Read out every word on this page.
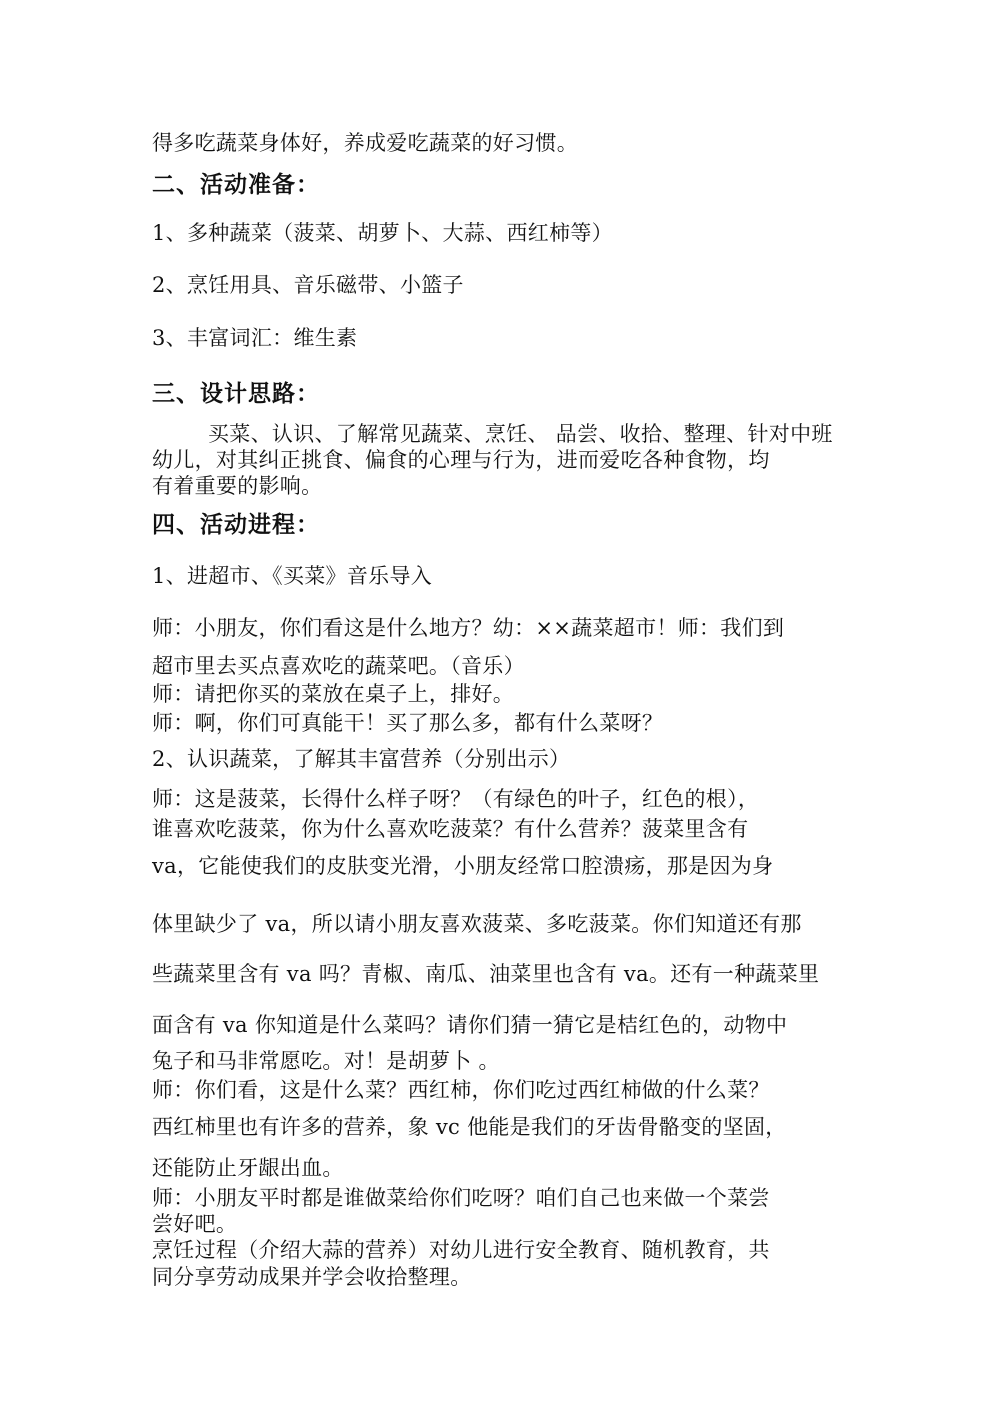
得多吃蔬菜身体好，养成爱吃蔬菜的好习惯。
二、活动准备：
1、多种蔬菜（菠菜、胡萝卜、大蒜、西红柿等）
2、烹饪用具、音乐磁带、小篮子
3、丰富词汇：维生素
三、设计思路：
买菜、认识、了解常见蔬菜、烹饪、 品尝、收拾、整理、针对中班
幼儿，对其纠正挑食、偏食的心理与行为，进而爱吃各种食物，均
有着重要的影响。
四、活动进程：
1、进超市、《买菜》音乐导入
师：小朋友，你们看这是什么地方？幼：××蔬菜超市！师：我们到
超市里去买点喜欢吃的蔬菜吧。（音乐）
师：请把你买的菜放在桌子上，排好。
师：啊，你们可真能干！买了那么多，都有什么菜呀？
2、认识蔬菜，了解其丰富营养（分别出示）
师：这是菠菜，长得什么样子呀？（有绿色的叶子，红色的根），
谁喜欢吃菠菜，你为什么喜欢吃菠菜？有什么营养？菠菜里含有
va，它能使我们的皮肤变光滑，小朋友经常口腔溃疡，那是因为身
体里缺少了 va，所以请小朋友喜欢菠菜、多吃菠菜。你们知道还有那
些蔬菜里含有 va 吗？青椒、南瓜、油菜里也含有 va。还有一种蔬菜里
面含有 va 你知道是什么菜吗？请你们猜一猜它是桔红色的，动物中
兔子和马非常愿吃。对！是胡萝卜 。
师：你们看，这是什么菜？西红柿，你们吃过西红柿做的什么菜？
西红柿里也有许多的营养，象 vc 他能是我们的牙齿骨骼变的坚固，
还能防止牙龈出血。
师：小朋友平时都是谁做菜给你们吃呀？咱们自己也来做一个菜尝
尝好吧。
烹饪过程（介绍大蒜的营养）对幼儿进行安全教育、随机教育，共
同分享劳动成果并学会收拾整理。
